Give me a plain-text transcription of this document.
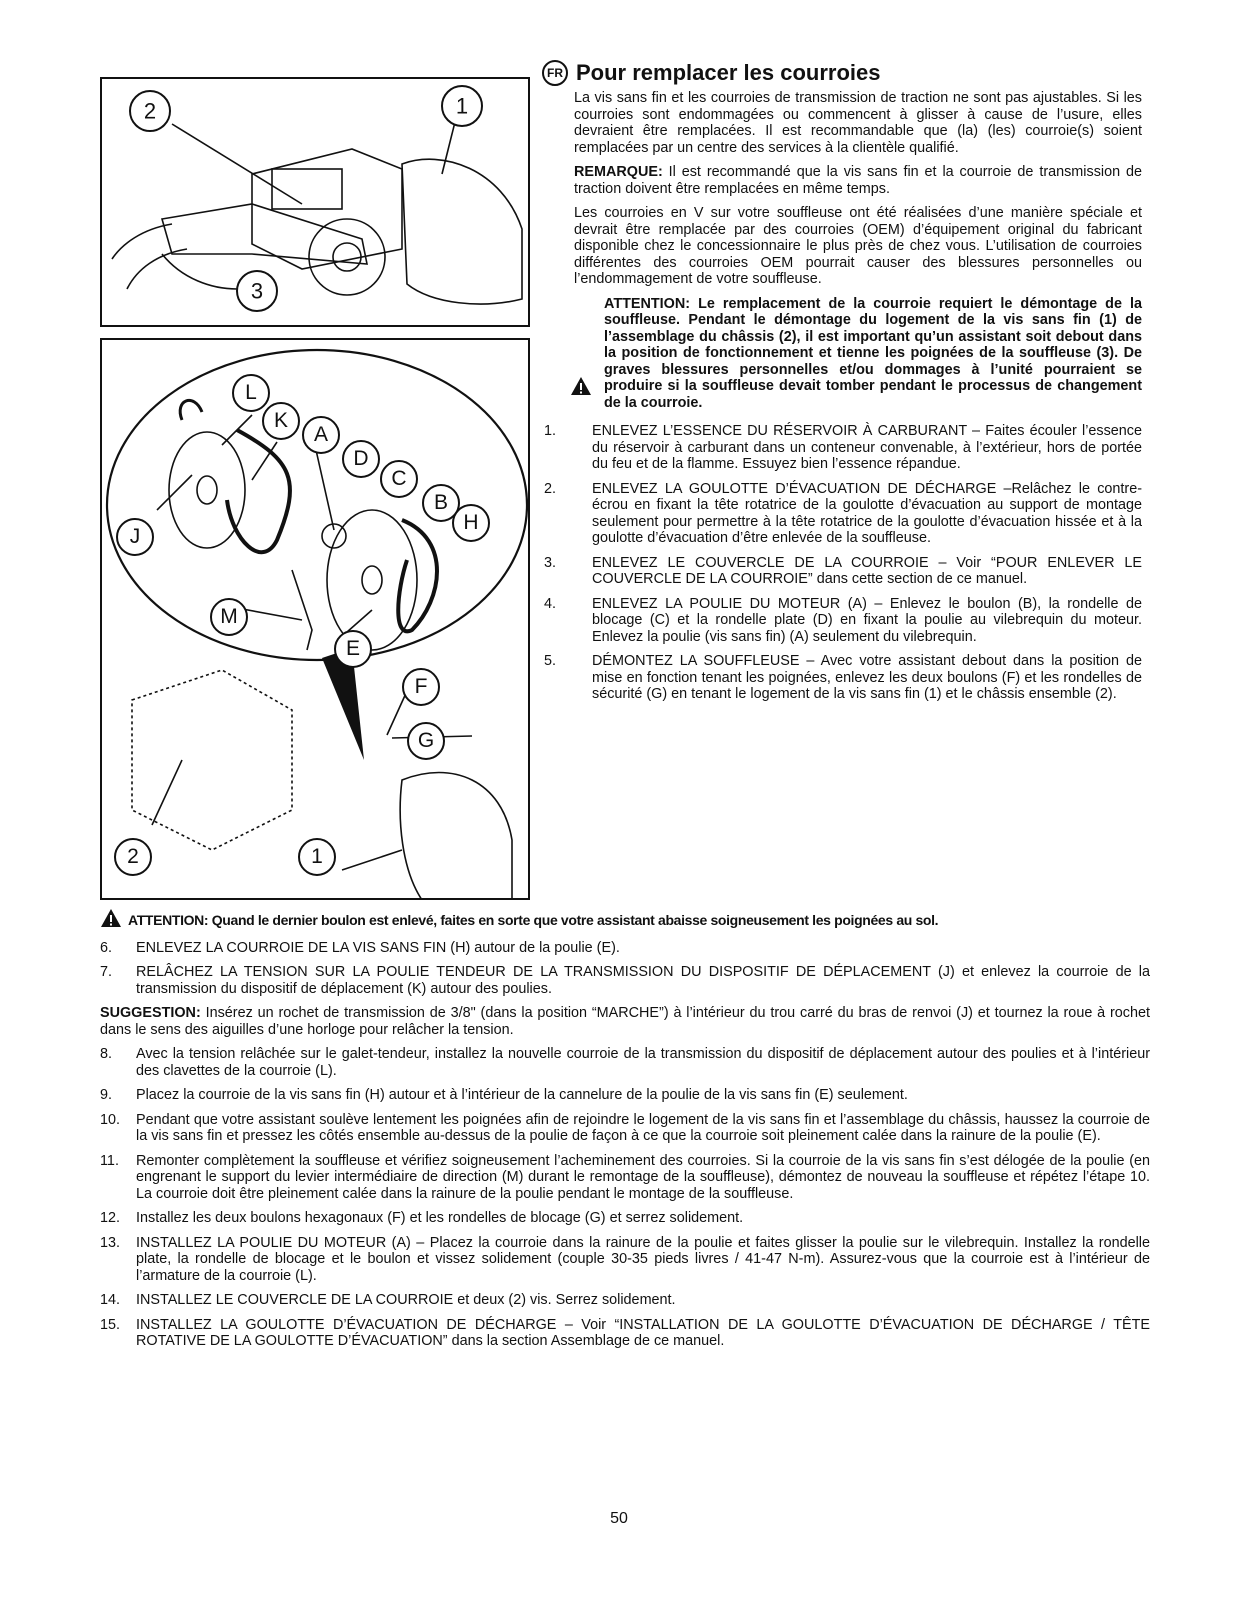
2	1
3
L
K
A
D
C
B
H
J
M
E
F
G
2	1
FR Pour remplacer les courroies

La vis sans fin et les courroies de transmission de traction ne sont pas ajustables. Si les courroies sont endommagées ou commencent à glisser à cause de l’usure, elles devraient être remplacées. Il est recommandable que (la) (les) courroie(s) soient remplacées par un centre des services à la clientèle qualifié.

REMARQUE: Il est recommandé que la vis sans fin et la courroie de transmission de traction doivent être remplacées en même temps.

Les courroies en V sur votre souffleuse ont été réalisées d’une manière spéciale et devrait être remplacée par des courroies (OEM) d’équipement original du fabricant disponible chez le concessionnaire le plus près de chez vous. L’utilisation de courroies différentes des courroies OEM pourrait causer des blessures personnelles ou l’endommagement de votre souffleuse.

ATTENTION: Le remplacement de la courroie requiert le démontage de la souffleuse. Pendant le démontage du logement de la vis sans fin (1) de l’assemblage du châssis (2), il est important qu’un assistant soit debout dans la position de fonctionnement et tienne les poignées de la souffleuse (3). De graves blessures personnelles et/ou dommages à l’unité pourraient se produire si la souffleuse devait tomber pendant le processus de changement de la courroie.
1.	ENLEVEZ L’ESSENCE DU RÉSERVOIR À CARBURANT – Faites écouler l’essence du réservoir à carburant dans un conteneur convenable, à l’extérieur, hors de portée du feu et de la flamme. Essuyez bien l’essence répandue.
2.	ENLEVEZ LA GOULOTTE D’ÉVACUATION DE DÉCHARGE –Relâchez le contre-écrou en fixant la tête rotatrice de la goulotte d’évacuation au support de montage seulement pour permettre à la tête rotatrice de la goulotte d’évacuation hissée et à la goulotte d’évacuation d’être enlevée de la souffleuse.
3.	ENLEVEZ LE COUVERCLE DE LA COURROIE – Voir “POUR ENLEVER LE COUVERCLE DE LA COURROIE” dans cette section de ce manuel.
4.	ENLEVEZ LA POULIE DU MOTEUR (A) – Enlevez le boulon (B), la rondelle de blocage (C) et la rondelle plate (D) en fixant la poulie au vilebrequin du moteur. Enlevez la poulie (vis sans fin) (A) seulement du vilebrequin.
5.	DÉMONTEZ LA SOUFFLEUSE – Avec votre assistant debout dans la position de mise en fonction tenant les poignées, enlevez les deux boulons (F) et les rondelles de sécurité (G) en tenant le logement de la vis sans fin (1) et le châssis ensemble (2).
ATTENTION: Quand le dernier boulon est enlevé, faites en sorte que votre assistant abaisse soigneusement les poignées au sol.
6.	ENLEVEZ LA COURROIE DE LA VIS SANS FIN (H) autour de la poulie (E).
7.	RELÂCHEZ LA TENSION SUR LA POULIE TENDEUR DE LA TRANSMISSION DU DISPOSITIF DE DÉPLACEMENT (J) et enlevez la courroie de la transmission du dispositif de déplacement (K) autour des poulies.

SUGGESTION: Insérez un rochet de transmission de 3/8" (dans la position “MARCHE”) à l’intérieur du trou carré du bras de renvoi (J) et tournez la roue à rochet dans le sens des aiguilles d’une horloge pour relâcher la tension.

8.	Avec la tension relâchée sur le galet-tendeur, installez la nouvelle courroie de la transmission du dispositif de déplacement autour des poulies et à l’intérieur des clavettes de la courroie (L).
9.	Placez la courroie de la vis sans fin (H) autour et à l’intérieur de la cannelure de la poulie de la vis sans fin (E) seulement.
10.	Pendant que votre assistant soulève lentement les poignées afin de rejoindre le logement de la vis sans fin et l’assemblage du châssis, haussez la courroie de la vis sans fin et pressez les côtés ensemble au-dessus de la poulie de façon à ce que la courroie soit pleinement calée dans la rainure de la poulie (E).
11.	Remonter complètement la souffleuse et vérifiez soigneusement l’acheminement des courroies. Si la courroie de la vis sans fin s’est délogée de la poulie (en engrenant le support du levier intermédiaire de direction (M) durant le remontage de la souffleuse), démontez de nouveau la souffleuse et répétez l’étape 10. La courroie doit être pleinement calée dans la rainure de la poulie pendant le montage de la souffleuse.
12.	Installez les deux boulons hexagonaux (F) et les rondelles de blocage (G) et serrez solidement.
13.	INSTALLEZ LA POULIE DU MOTEUR (A) – Placez la courroie dans la rainure de la poulie et faites glisser la poulie sur le vilebrequin. Installez la rondelle plate, la rondelle de blocage et le boulon et vissez solidement (couple 30-35 pieds livres / 41-47 N-m). Assurez-vous que la courroie est à l’intérieur de l’armature de la courroie (L).
14.	INSTALLEZ LE COUVERCLE DE LA COURROIE et deux (2) vis. Serrez solidement.
15.	INSTALLEZ LA GOULOTTE D’ÉVACUATION DE DÉCHARGE – Voir “INSTALLATION DE LA GOULOTTE D’ÉVACUATION DE DÉCHARGE / TÊTE ROTATIVE DE LA GOULOTTE D’ÉVACUATION” dans la section Assemblage de ce manuel.
50
